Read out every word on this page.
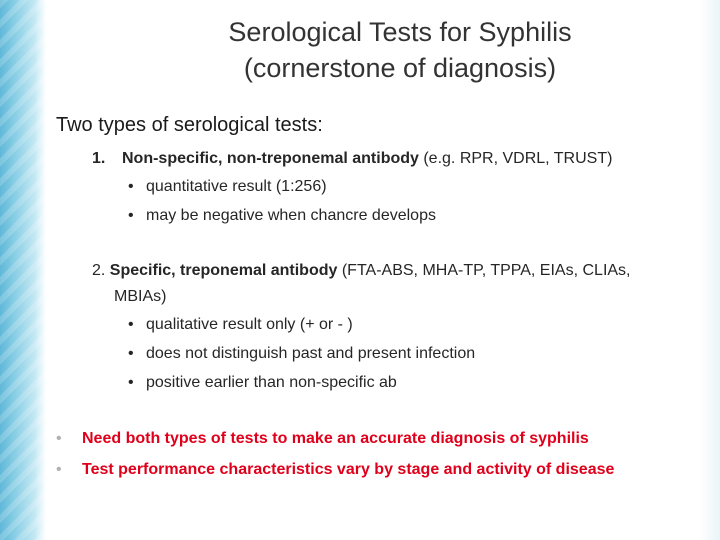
Serological Tests for Syphilis
(cornerstone of diagnosis)
Two types of serological tests:
1. Non-specific, non-treponemal antibody (e.g. RPR, VDRL, TRUST)
• quantitative result (1:256)
• may be negative when chancre develops
2. Specific, treponemal antibody (FTA-ABS, MHA-TP, TPPA, EIAs, CLIAs,
MBIAs)
• qualitative result only (+ or - )
• does not distinguish past and present infection
• positive earlier than non-specific ab
• Need both types of tests to make an accurate diagnosis of syphilis
• Test performance characteristics vary by stage and activity of disease
